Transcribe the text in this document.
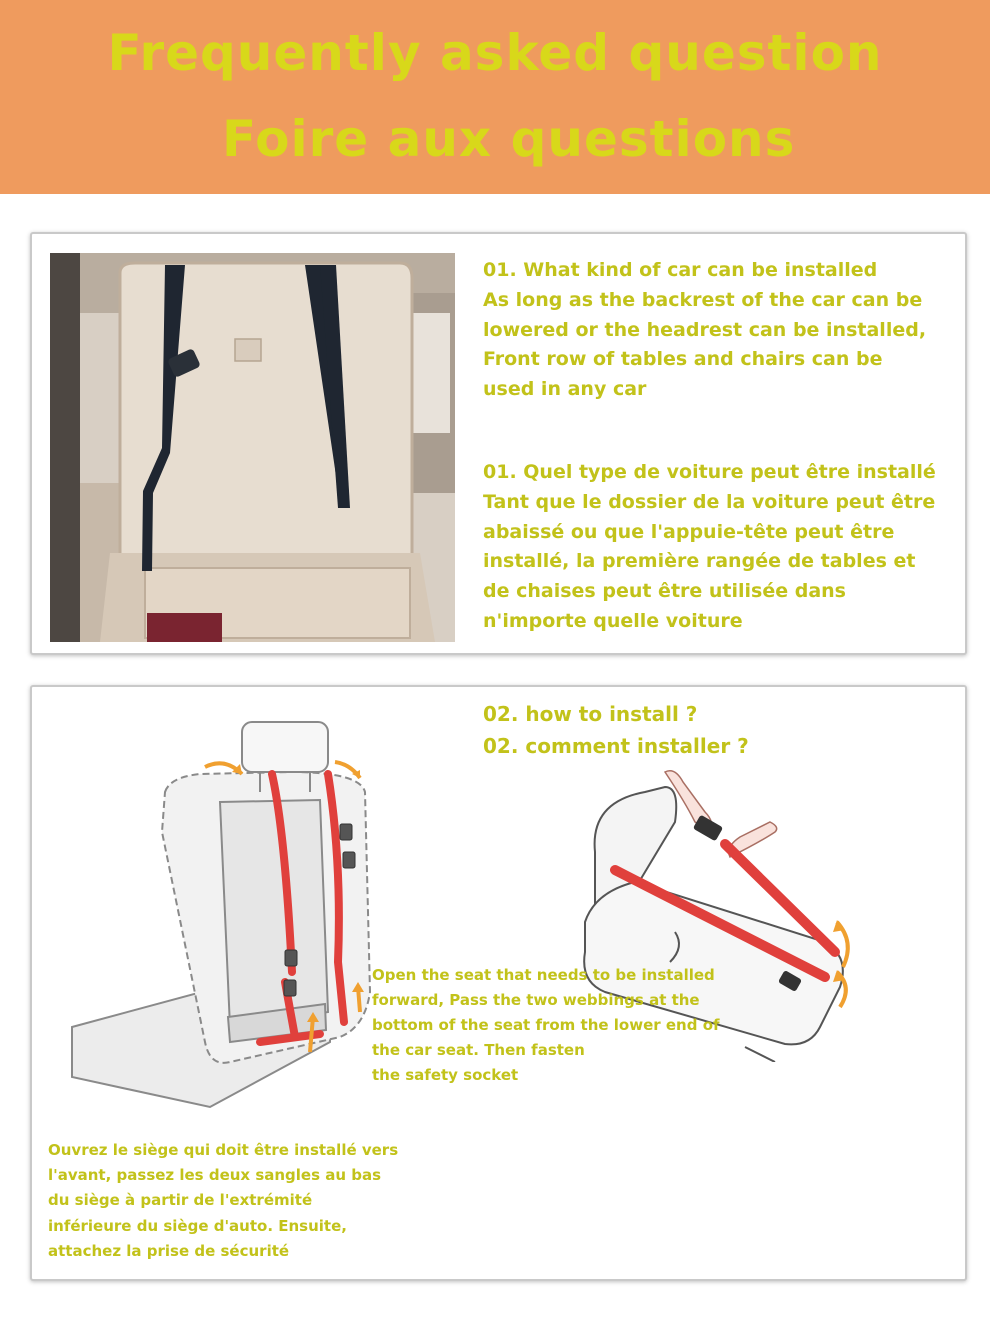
Frequently asked question
Foire aux questions
01. What kind of car can be installed
As long as the backrest of the car can be
lowered or the headrest can be installed,
Front row of tables and chairs can be
used in any car
01. Quel type de voiture peut être installé
Tant que le dossier de la voiture peut être
abaissé ou que l'appuie-tête peut être
installé, la première rangée de tables et
de chaises peut être utilisée dans
n'importe quelle voiture
02. how to install ?
02. comment installer ?
Open the seat that needs to be installed
forward, Pass the two webbings at the
bottom of the seat from the lower end of
the car seat. Then fasten
the safety socket
Ouvrez le siège qui doit être installé vers
l'avant, passez les deux sangles au bas
du siège à partir de l'extrémité
inférieure du siège d'auto. Ensuite,
attachez la prise de sécurité
